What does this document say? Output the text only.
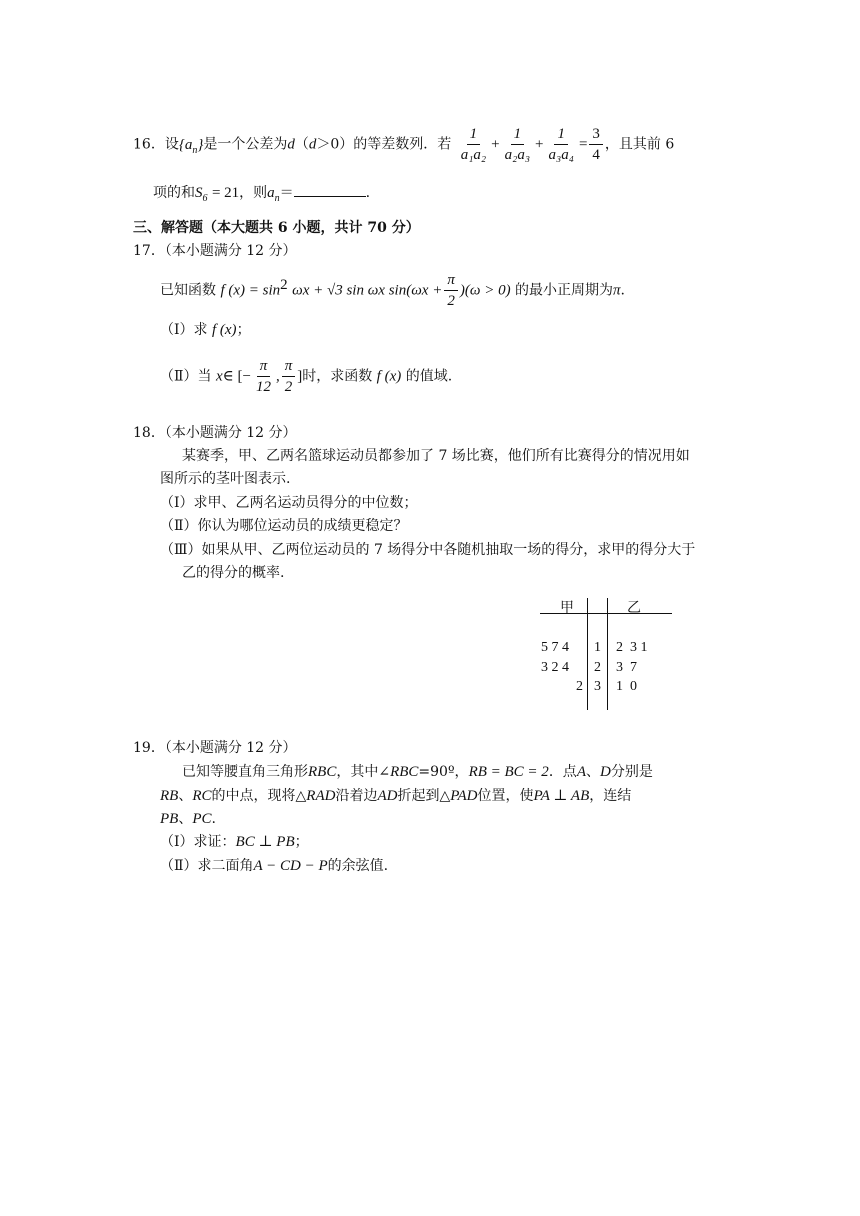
16．设$\{a_n\}$是一个公差为d（d＞0）的等差数列．若 $\frac{1}{\text{a₁a₂}} + \frac{1}{\text{a₂a₃}} + \frac{1}{\text{a₃a₄}} = \frac{3}{4}$ ，且其前 6
项的和$S_6 = 21$，则$a_n=$	.
三、解答题（本大题共 6 小题，共计 70 分）
17．（本小题满分 12 分）
已知函数 f $(x) = \sin^2 \omega x + √3$ sin ωx $\sin(\omega x + \frac{\pi}{2} )(\omega > 0)$ 的最小正周期为π.
（Ⅰ）求 f (x)；
（Ⅱ）当 x∈ [− $\frac{\pi}{12}$ , $\frac{\pi}{2}$ ]时，求函数 f (x) 的值域.
18．（本小题满分 12 分）
某赛季，甲、乙两名篮球运动员都参加了 7 场比赛，他们所有比赛得分的情况用如
图所示的茎叶图表示.
（Ⅰ）求甲、乙两名运动员得分的中位数；
（Ⅱ）你认为哪位运动员的成绩更稳定？
（Ⅲ）如果从甲、乙两位运动员的 7 场得分中各随机抽取一场的得分，求甲的得分大于
乙的得分的概率.
甲	乙
5 7 4 1 2  3 1
3 2 4 2 3  7
2 3 1  0
19．（本小题满分 12 分）
已知等腰直角三角形RBC，其中∠RBC=90º，RB = BC = 2．点A、D分别是
RB、RC的中点，现将△RAD沿着边AD折起到△PAD位置，使PA ⊥ AB，连结
PB、PC.
（Ⅰ）求证：BC ⊥ PB；
（Ⅱ）求二面角A − CD − P的余弦值.
